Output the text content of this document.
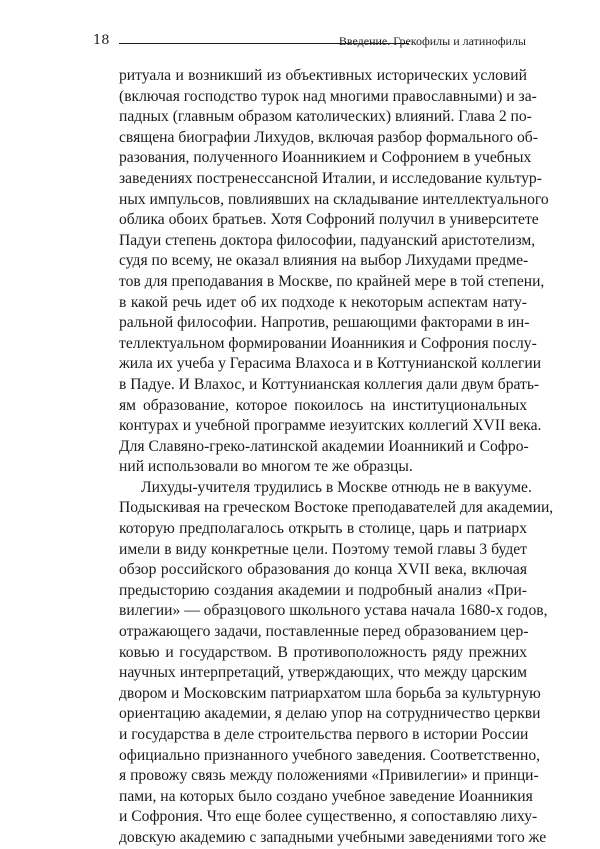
18	Введение. Грекофилы и латинофилы
ритуала и возникший из объективных исторических условий
(включая господство турок над многими православными) и за-
падных (главным образом католических) влияний. Глава 2 по-
священа биографии Лихудов, включая разбор формального об-
разования, полученного Иоанникием и Софронием в учебных
заведениях постренессансной Италии, и исследование культур-
ных импульсов, повлиявших на складывание интеллектуального
облика обоих братьев. Хотя Софроний получил в университете
Падуи степень доктора философии, падуанский аристотелизм,
судя по всему, не оказал влияния на выбор Лихудами предме-
тов для преподавания в Москве, по крайней мере в той степени,
в какой речь идет об их подходе к некоторым аспектам нату-
ральной философии. Напротив, решающими факторами в ин-
теллектуальном формировании Иоанникия и Софрония послу-
жила их учеба у Герасима Влахоса и в Коттунианской коллегии
в Падуе. И Влахос, и Коттунианская коллегия дали двум брать-
ям образование, которое покоилось на институциональных
контурах и учебной программе иезуитских коллегий XVII века.
Для Славяно-греко-латинской академии Иоанникий и Софро-
ний использовали во многом те же образцы.
Лихуды-учителя трудились в Москве отнюдь не в вакууме.
Подыскивая на греческом Востоке преподавателей для академии,
которую предполагалось открыть в столице, царь и патриарх
имели в виду конкретные цели. Поэтому темой главы 3 будет
обзор российского образования до конца XVII века, включая
предысторию создания академии и подробный анализ «При-
вилегии» — образцового школьного устава начала 1680-х годов,
отражающего задачи, поставленные перед образованием цер-
ковью и государством. В противоположность ряду прежних
научных интерпретаций, утверждающих, что между царским
двором и Московским патриархатом шла борьба за культурную
ориентацию академии, я делаю упор на сотрудничество церкви
и государства в деле строительства первого в истории России
официально признанного учебного заведения. Соответственно,
я провожу связь между положениями «Привилегии» и принци-
пами, на которых было создано учебное заведение Иоанникия
и Софрония. Что еще более существенно, я сопоставляю лиху-
довскую академию с западными учебными заведениями того же
